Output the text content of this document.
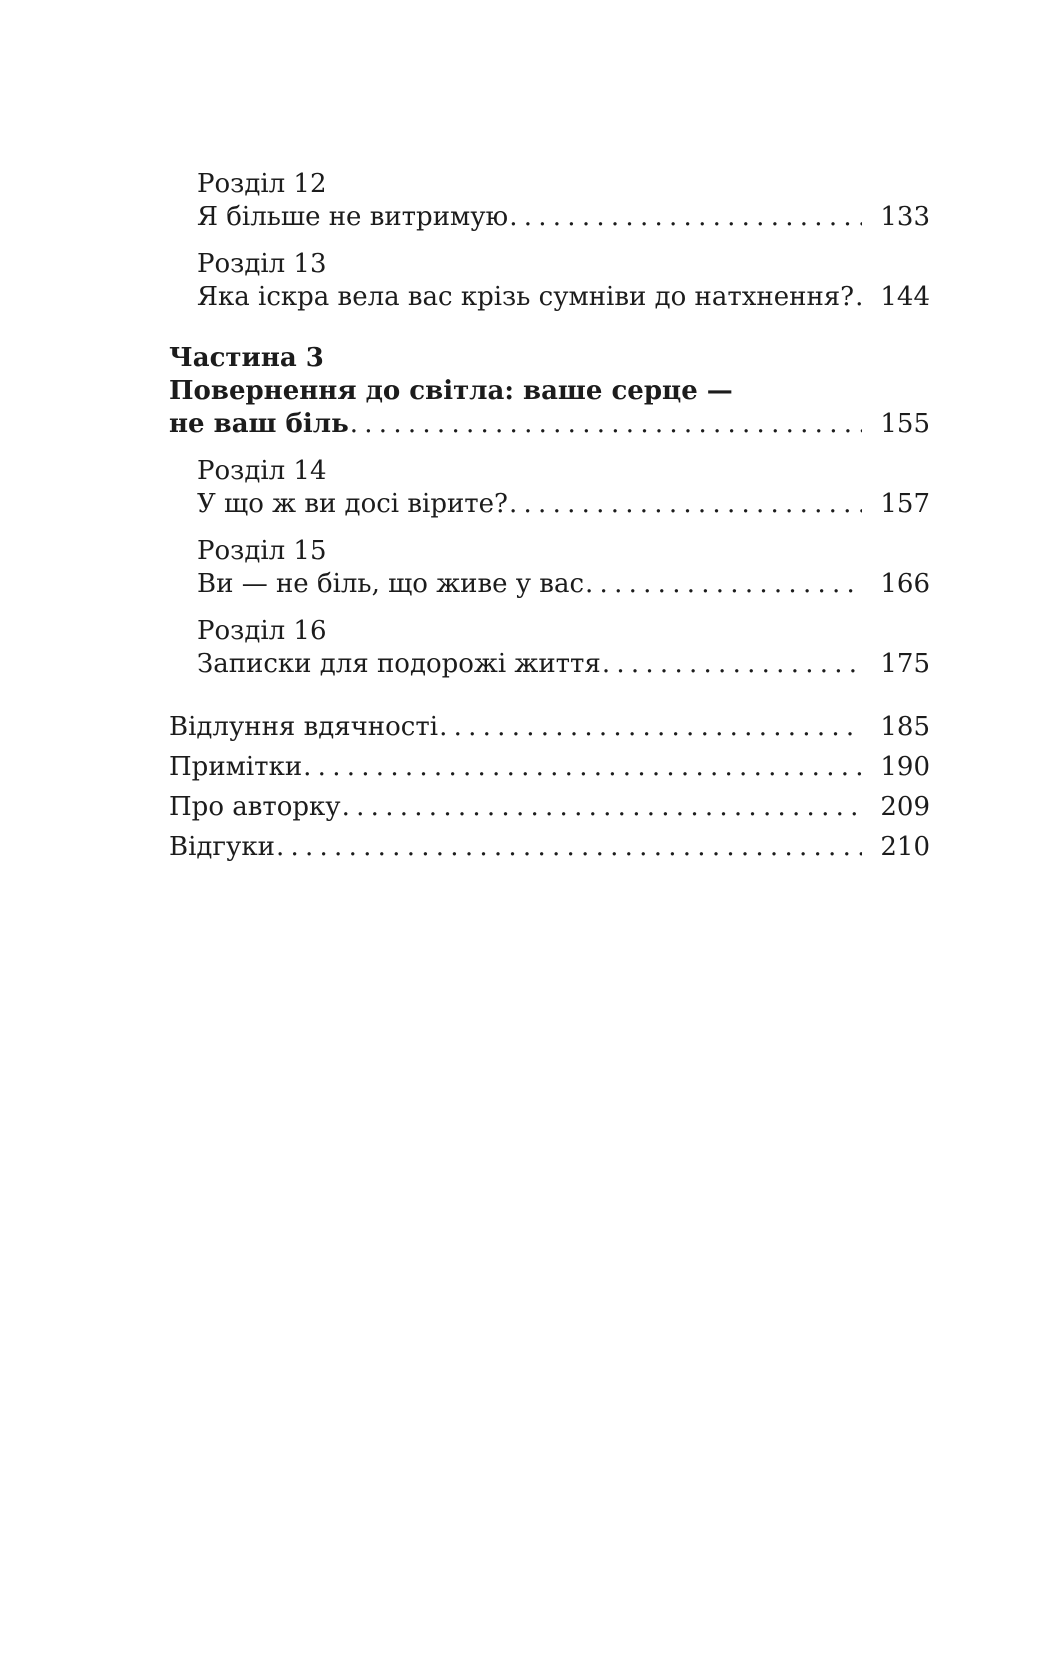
Розділ 12
Я більше не витримую . . .	133
Розділ 13
Яка іскра вела вас крізь сумніви до натхнення? . . . 144
Частина 3
Повернення до світла: ваше серце —
не ваш біль . . .	155
Розділ 14
У що ж ви досі вірите? . . .	157
Розділ 15
Ви — не біль, що живе у вас . . .	166
Розділ 16
Записки для подорожі життя . . .	175
Відлуння вдячності . . .	185
Примітки . . .	190
Про авторку . . .	209
Відгуки . . .	210
